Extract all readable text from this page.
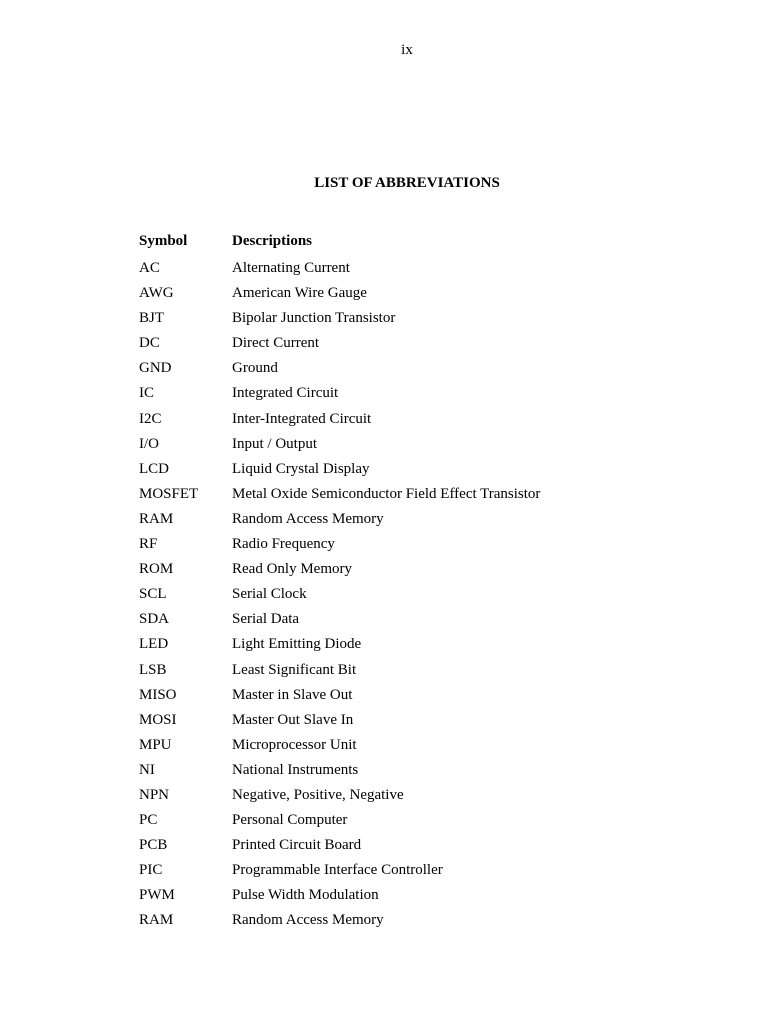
ix
LIST OF ABBREVIATIONS
Symbol	Descriptions
AC	Alternating Current
AWG	American Wire Gauge
BJT	Bipolar Junction Transistor
DC	Direct Current
GND	Ground
IC	Integrated Circuit
I2C	Inter-Integrated Circuit
I/O	Input / Output
LCD	Liquid Crystal Display
MOSFET	Metal Oxide Semiconductor Field Effect Transistor
RAM	Random Access Memory
RF	Radio Frequency
ROM	Read Only Memory
SCL	Serial Clock
SDA	Serial Data
LED	Light Emitting Diode
LSB	Least Significant Bit
MISO	Master in Slave Out
MOSI	Master Out Slave In
MPU	Microprocessor Unit
NI	National Instruments
NPN	Negative, Positive, Negative
PC	Personal Computer
PCB	Printed Circuit Board
PIC	Programmable Interface Controller
PWM	Pulse Width Modulation
RAM	Random Access Memory
